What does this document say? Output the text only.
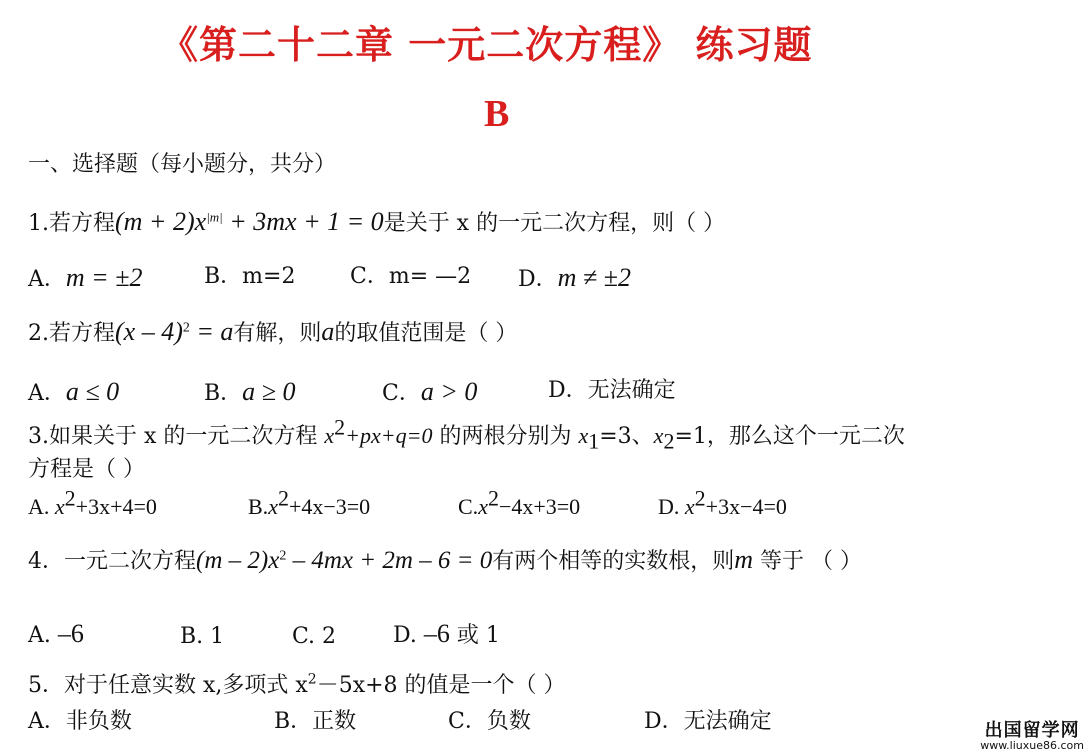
《第二十二章 一元二次方程》 练习题
B
一、选择题（每小题分，共分）
1.若方程$(m + 2)x^{|m|} + 3mx + 1 = 0$是关于 x 的一元二次方程，则（ ）
A．m = ±2	B．m=2 C．m= —2 D．m ≠ ±2
2.若方程(x – 4)$^2$ = a有解，则a的取值范围是（ ）
A．a ≤ 0	B．a ≥ 0	C．a > 0	D．无法确定
3.如果关于 x 的一元二次方程 $x^2+px+q=0$ 的两根分别为 $x_1=3$、$x_2=1$，那么这个一元二次
方程是（ ）
A. $x^2+3x+4=0$	$B.x^2+4x-3=0$	$C.x^2-4x+3=0$	D. $x^2+3x-4=0$
4．一元二次方程$(m - 2)x^2 - 4mx + 2m - 6 = 0$有两个相等的实数根，则m 等于 （ ）
A. –6	B. 1	C. 2	D. –6 或 1
5．对于任意实数 x,多项式 $x^2-5x+8$ 的值是一个（ ）
A．非负数	B．正数	C．负数	D．无法确定	出国留学网
www.liuxue86.com
